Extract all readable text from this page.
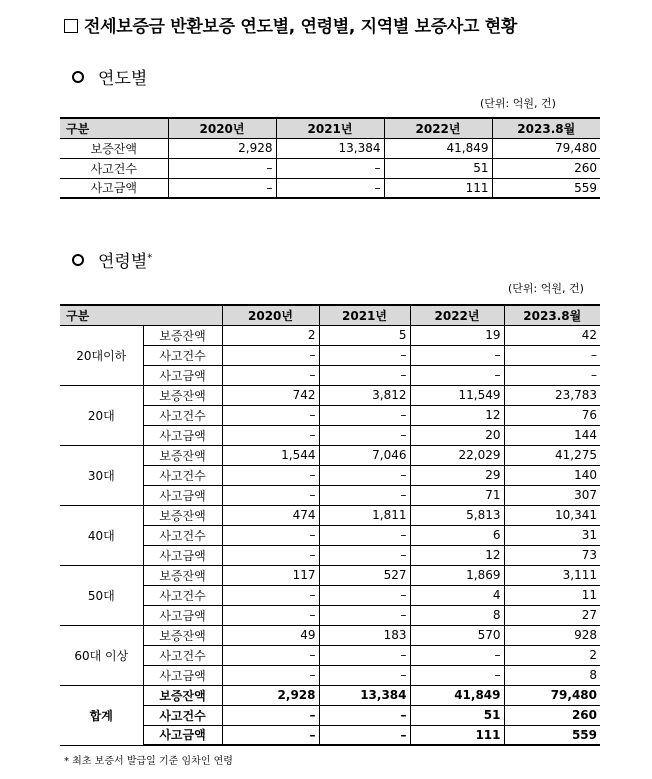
전세보증금 반환보증 연도별, 연령별, 지역별 보증사고 현황
연도별
(단위: 억원, 건)
구분	2020년	2021년	2022년	2023.8월
보증잔액	2,928	13,384	41,849	79,480
사고건수	–	–	51	260
사고금액	–	–	111	559
연령별*
(단위: 억원, 건)
구분		2020년	2021년	2022년	2023.8월
20대이하	보증잔액	2	5	19	42
	사고건수	–	–	–	–
	사고금액	–	–	–	–
20대	보증잔액	742	3,812	11,549	23,783
	사고건수	–	–	12	76
	사고금액	–	–	20	144
30대	보증잔액	1,544	7,046	22,029	41,275
	사고건수	–	–	29	140
	사고금액	–	–	71	307
40대	보증잔액	474	1,811	5,813	10,341
	사고건수	–	–	6	31
	사고금액	–	–	12	73
50대	보증잔액	117	527	1,869	3,111
	사고건수	–	–	4	11
	사고금액	–	–	8	27
60대 이상	보증잔액	49	183	570	928
	사고건수	–	–	–	2
	사고금액	–	–	–	8
합계	보증잔액	2,928	13,384	41,849	79,480
	사고건수	–	–	51	260
	사고금액	–	–	111	559
* 최초 보증서 발급일 기준 임차인 연령
